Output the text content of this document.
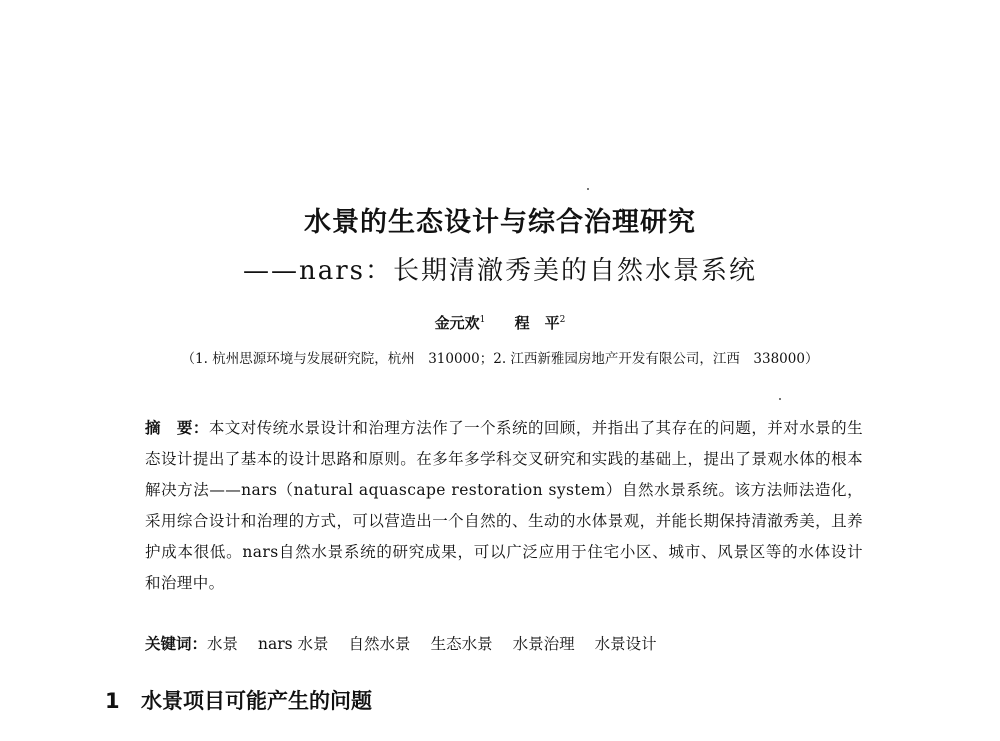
水景的生态设计与综合治理研究
——nars：长期清澈秀美的自然水景系统
金元欢$^1$ 程　平$^2$
（1. 杭州思源环境与发展研究院，杭州　310000；2. 江西新雅园房地产开发有限公司，江西　338000）
摘　要：本文对传统水景设计和治理方法作了一个系统的回顾，并指出了其存在的问题，并对水景的生态设计提出了基本的设计思路和原则。在多年多学科交叉研究和实践的基础上，提出了景观水体的根本解决方法——nars（natural aquascape restoration system）自然水景系统。该方法师法造化，采用综合设计和治理的方式，可以营造出一个自然的、生动的水体景观，并能长期保持清澈秀美，且养护成本很低。nars自然水景系统的研究成果，可以广泛应用于住宅小区、城市、风景区等的水体设计和治理中。
关键词：水景 nars 水景 自然水景 生态水景 水景治理 水景设计
1 水景项目可能产生的问题
